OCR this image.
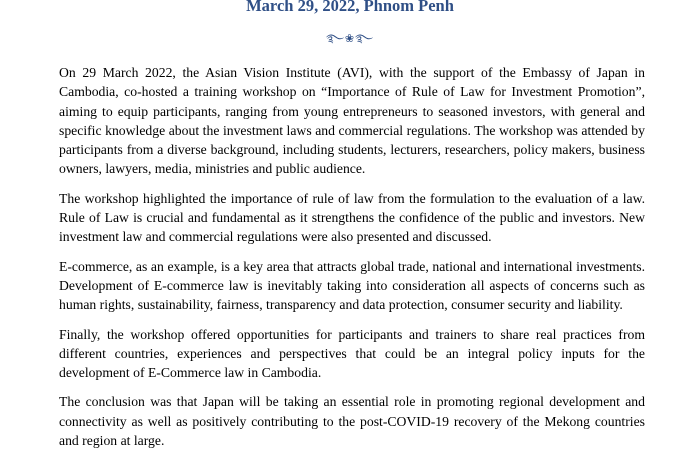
March 29, 2022, Phnom Penh
࿐❀࿐

On 29 March 2022, the Asian Vision Institute (AVI), with the support of the Embassy of Japan in Cambodia, co-hosted a training workshop on “Importance of Rule of Law for Investment Promotion”, aiming to equip participants, ranging from young entrepreneurs to seasoned investors, with general and specific knowledge about the investment laws and commercial regulations. The workshop was attended by participants from a diverse background, including students, lecturers, researchers, policy makers, business owners, lawyers, media, ministries and public audience.

The workshop highlighted the importance of rule of law from the formulation to the evaluation of a law. Rule of Law is crucial and fundamental as it strengthens the confidence of the public and investors. New investment law and commercial regulations were also presented and discussed.

E-commerce, as an example, is a key area that attracts global trade, national and international investments. Development of E-commerce law is inevitably taking into consideration all aspects of concerns such as human rights, sustainability, fairness, transparency and data protection, consumer security and liability.

Finally, the workshop offered opportunities for participants and trainers to share real practices from different countries, experiences and perspectives that could be an integral policy inputs for the development of E-Commerce law in Cambodia.

The conclusion was that Japan will be taking an essential role in promoting regional development and connectivity as well as positively contributing to the post-COVID-19 recovery of the Mekong countries and region at large.
